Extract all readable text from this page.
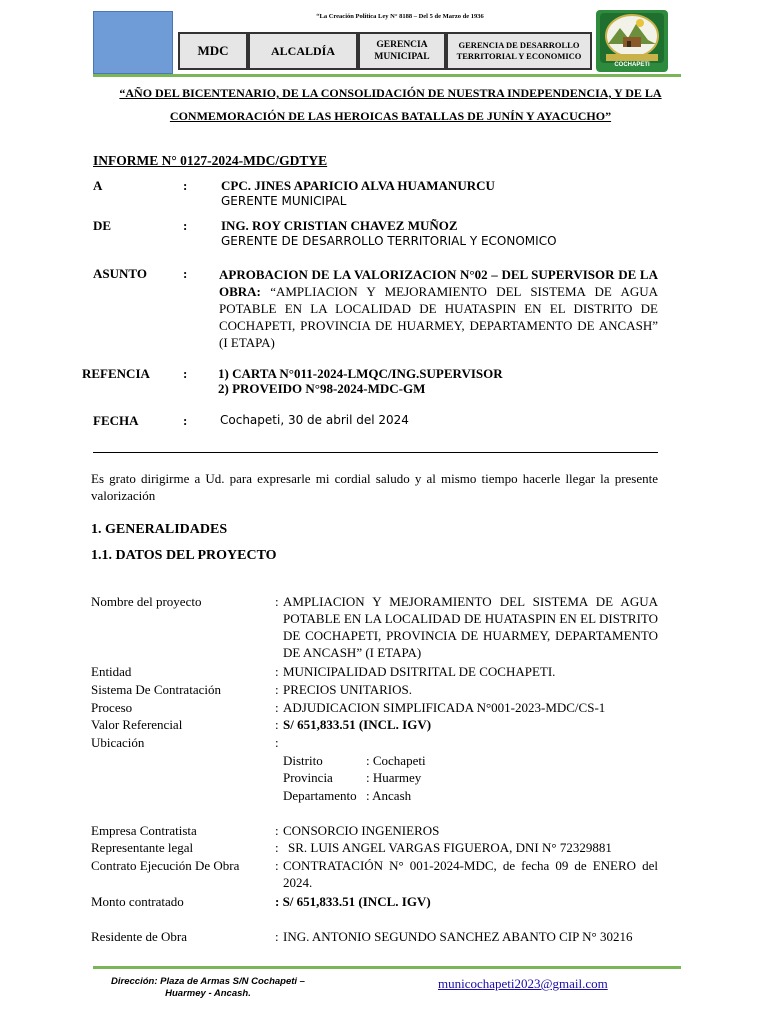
“La Creación Política Ley N° 8188 – Del 5 de Marzo de 1936
MDC	ALCALDÍA	GERENCIA MUNICIPAL
GERENCIA DE DESARROLLO TERRITORIAL Y ECONOMICO
COCHAPETI
“AÑO DEL BICENTENARIO, DE LA CONSOLIDACIÓN DE NUESTRA INDEPENDENCIA, Y DE LA
CONMEMORACIÓN DE LAS HEROICAS BATALLAS DE JUNÍN Y AYACUCHO”
INFORME N° 0127-2024-MDC/GDTYE
A	:	CPC. JINES APARICIO ALVA HUAMANURCU
GERENTE MUNICIPAL
DE	:	ING. ROY CRISTIAN CHAVEZ MUÑOZ
GERENTE DE DESARROLLO TERRITORIAL Y ECONOMICO
ASUNTO	: APROBACION DE LA VALORIZACION N°02 – DEL SUPERVISOR DE LA OBRA: “AMPLIACION Y MEJORAMIENTO DEL SISTEMA DE AGUA POTABLE EN LA LOCALIDAD DE HUATASPIN EN EL DISTRITO DE COCHAPETI, PROVINCIA DE HUARMEY, DEPARTAMENTO DE ANCASH” (I ETAPA)
REFENCIA	: 1) CARTA N°011-2024-LMQC/ING.SUPERVISOR
2) PROVEIDO N°98-2024-MDC-GM
FECHA	:	Cochapeti, 30 de abril del 2024
Es grato dirigirme a Ud. para expresarle mi cordial saludo y al mismo tiempo hacerle llegar la presente valorización
1. GENERALIDADES
1.1. DATOS DEL PROYECTO
Nombre del proyecto	: AMPLIACION Y MEJORAMIENTO DEL SISTEMA DE AGUA POTABLE EN LA LOCALIDAD DE HUATASPIN EN EL DISTRITO DE COCHAPETI, PROVINCIA DE HUARMEY, DEPARTAMENTO DE ANCASH” (I ETAPA)
Entidad	: MUNICIPALIDAD DSITRITAL DE COCHAPETI.
Sistema De Contratación	: PRECIOS UNITARIOS.
Proceso	: ADJUDICACION SIMPLIFICADA N°001-2023-MDC/CS-1
Valor Referencial	: S/ 651,833.51 (INCL. IGV)
Ubicación	:
Distrito	: Cochapeti
Provincia	: Huarmey
Departamento : Ancash
Empresa Contratista	: CONSORCIO INGENIEROS
Representante legal	: SR. LUIS ANGEL VARGAS FIGUEROA, DNI N° 72329881
Contrato Ejecución De Obra	: CONTRATACIÓN N° 001-2024-MDC, de fecha 09 de ENERO del 2024.
Monto contratado	: S/ 651,833.51 (INCL. IGV)
Residente de Obra	: ING. ANTONIO SEGUNDO SANCHEZ ABANTO CIP N° 30216
Dirección: Plaza de Armas S/N Cochapeti –
Huarmey - Ancash.
municochapeti2023@gmail.com
